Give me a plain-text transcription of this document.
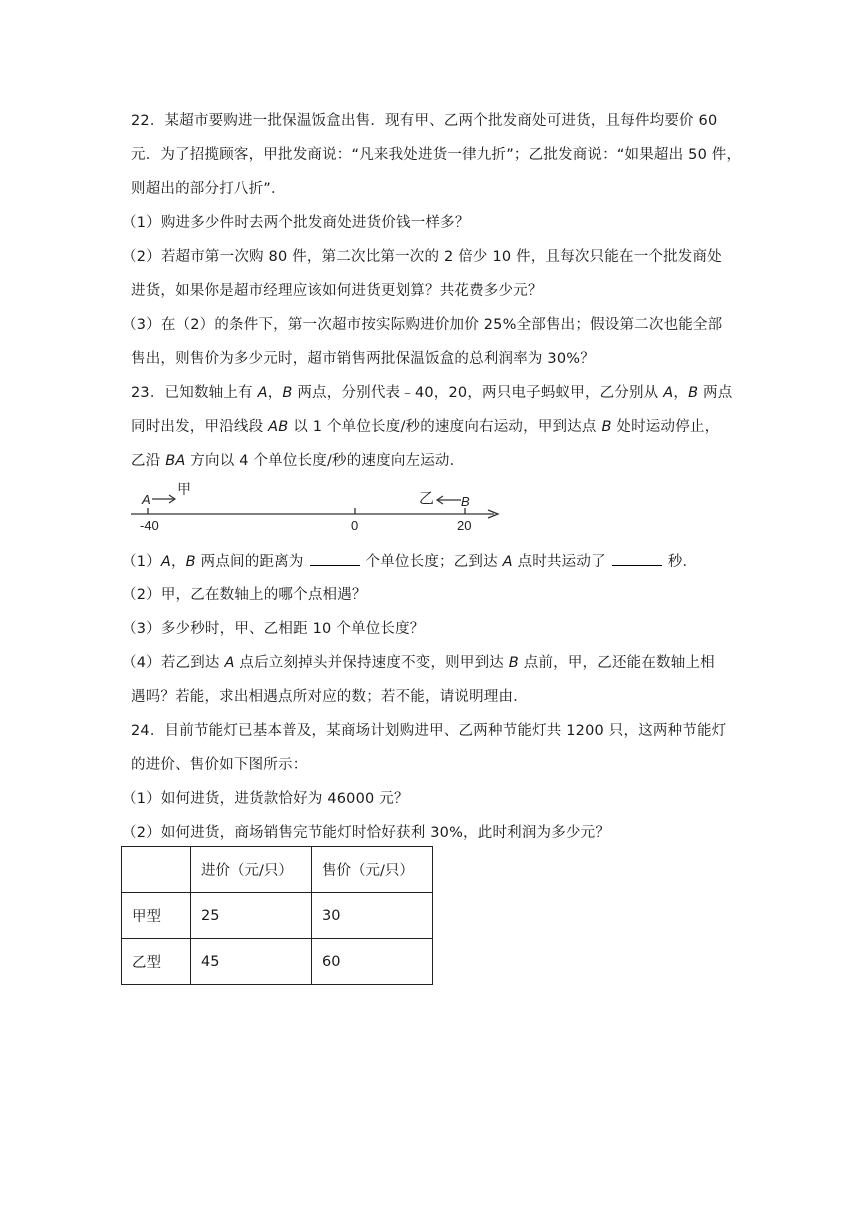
22．某超市要购进一批保温饭盒出售．现有甲、乙两个批发商处可进货，且每件均要价 60
元．为了招揽顾客，甲批发商说：“凡来我处进货一律九折”；乙批发商说：“如果超出 50 件，
则超出的部分打八折”．
（1）购进多少件时去两个批发商处进货价钱一样多？
（2）若超市第一次购 80 件，第二次比第一次的 2 倍少 10 件，且每次只能在一个批发商处
进货，如果你是超市经理应该如何进货更划算？共花费多少元？
（3）在（2）的条件下，第一次超市按实际购进价加价 25%全部售出；假设第二次也能全部
售出，则售价为多少元时，超市销售两批保温饭盒的总利润率为 30%？
23．已知数轴上有 A，B 两点，分别代表﹣40，20，两只电子蚂蚁甲，乙分别从 A，B 两点
同时出发，甲沿线段 AB 以 1 个单位长度/秒的速度向右运动，甲到达点 B 处时运动停止，
乙沿 BA 方向以 4 个单位长度/秒的速度向左运动．
-40	0	20
A
甲
乙 B
（1）A，B 两点间的距离为	个单位长度；乙到达 A 点时共运动了	秒．
（2）甲，乙在数轴上的哪个点相遇？
（3）多少秒时，甲、乙相距 10 个单位长度？
（4）若乙到达 A 点后立刻掉头并保持速度不变，则甲到达 B 点前，甲，乙还能在数轴上相
遇吗？若能，求出相遇点所对应的数；若不能，请说明理由．
24．目前节能灯已基本普及，某商场计划购进甲、乙两种节能灯共 1200 只，这两种节能灯
的进价、售价如下图所示：
（1）如何进货，进货款恰好为 46000 元？
（2）如何进货，商场销售完节能灯时恰好获利 30%，此时利润为多少元？
	进价（元/只）	售价（元/只）
甲型	25	30
乙型	45	60
